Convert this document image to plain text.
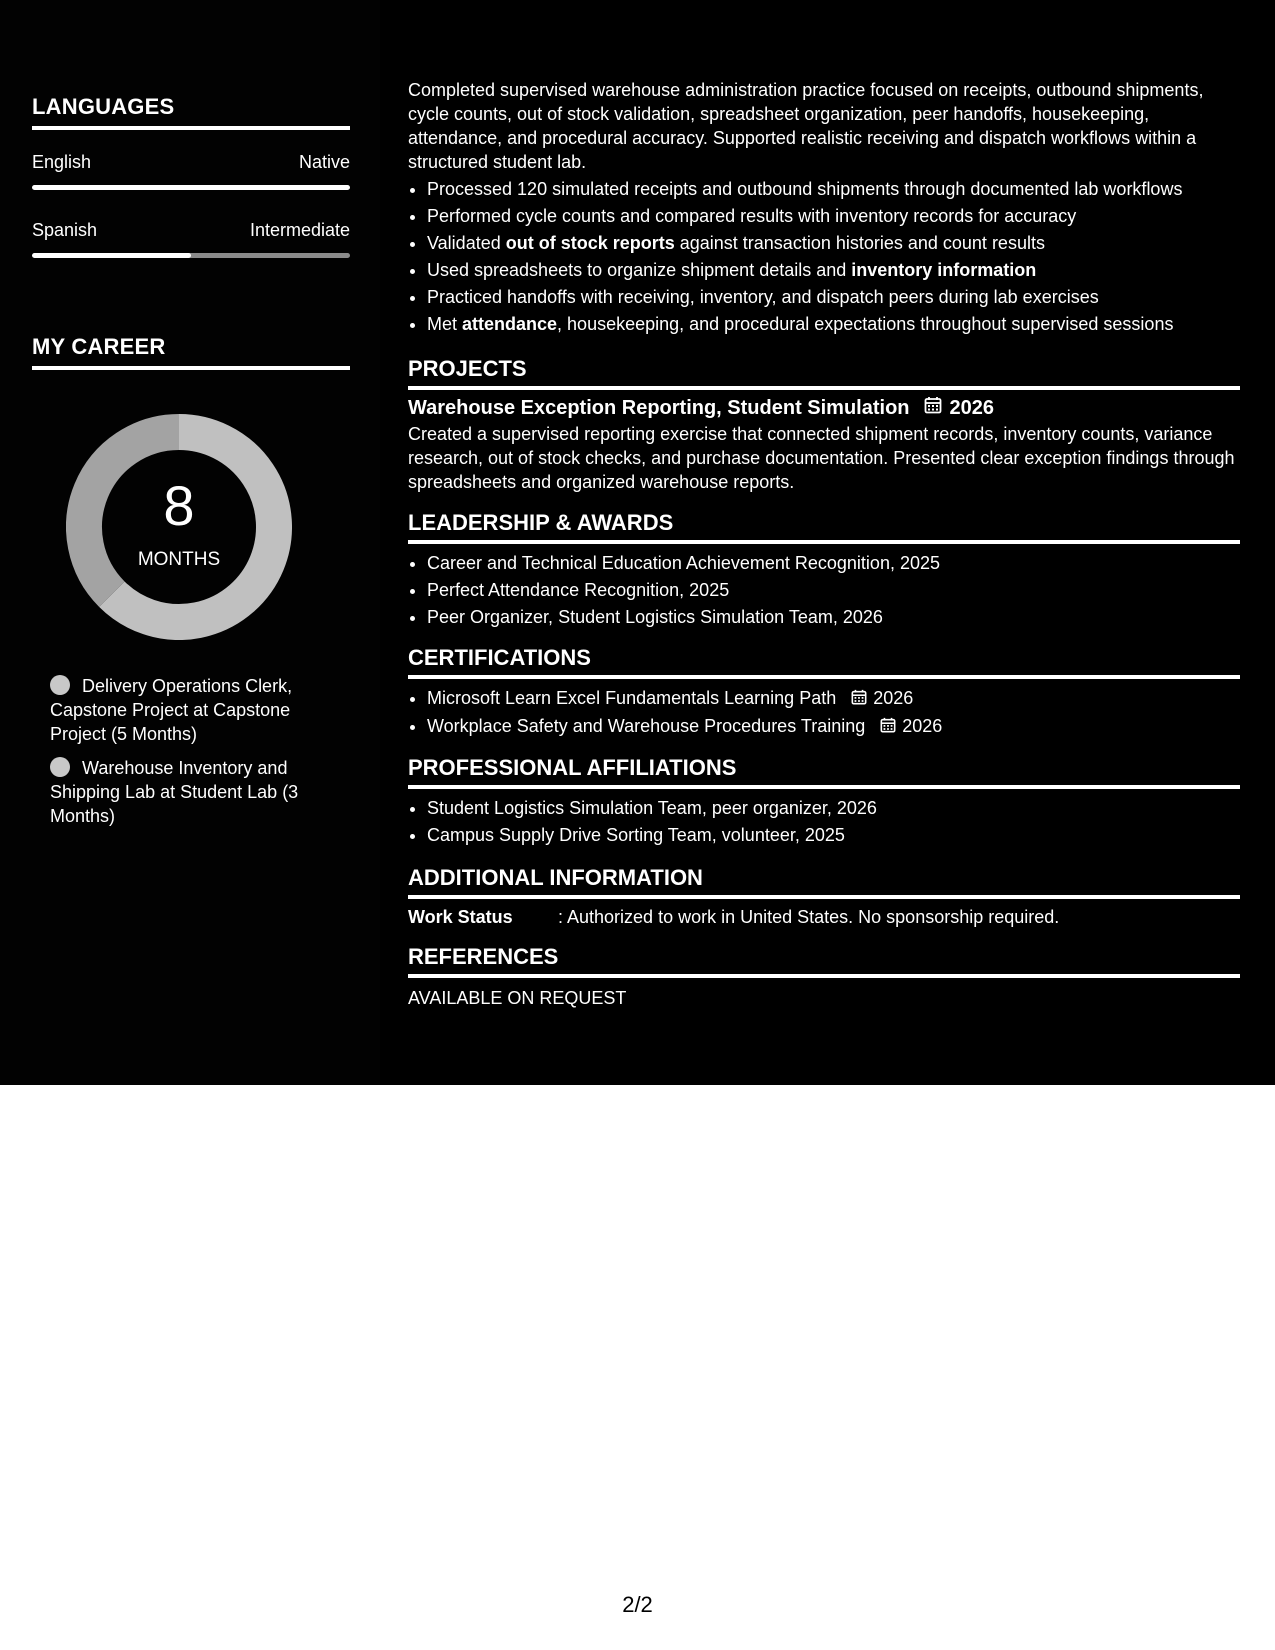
LANGUAGES
English	Native
Spanish	Intermediate
MY CAREER
8
MONTHS
Delivery Operations Clerk, Capstone Project at Capstone Project (5 Months)
Warehouse Inventory and Shipping Lab at Student Lab (3 Months)

Completed supervised warehouse administration practice focused on receipts, outbound shipments, cycle counts, out of stock validation, spreadsheet organization, peer handoffs, housekeeping, attendance, and procedural accuracy. Supported realistic receiving and dispatch workflows within a structured student lab.

• Processed 120 simulated receipts and outbound shipments through documented lab workflows
• Performed cycle counts and compared results with inventory records for accuracy
• Validated out of stock reports against transaction histories and count results
• Used spreadsheets to organize shipment details and inventory information
• Practiced handoffs with receiving, inventory, and dispatch peers during lab exercises
• Met attendance, housekeeping, and procedural expectations throughout supervised sessions
PROJECTS
Warehouse Exception Reporting, Student Simulation 2026

Created a supervised reporting exercise that connected shipment records, inventory counts, variance research, out of stock checks, and purchase documentation. Presented clear exception findings through spreadsheets and organized warehouse reports.

LEADERSHIP & AWARDS
• Career and Technical Education Achievement Recognition, 2025
• Perfect Attendance Recognition, 2025
• Peer Organizer, Student Logistics Simulation Team, 2026
CERTIFICATIONS
• Microsoft Learn Excel Fundamentals Learning Path 2026
• Workplace Safety and Warehouse Procedures Training 2026
PROFESSIONAL AFFILIATIONS
• Student Logistics Simulation Team, peer organizer, 2026
• Campus Supply Drive Sorting Team, volunteer, 2025
ADDITIONAL INFORMATION
Work Status	: Authorized to work in United States. No sponsorship required.
REFERENCES
AVAILABLE ON REQUEST
2/2
